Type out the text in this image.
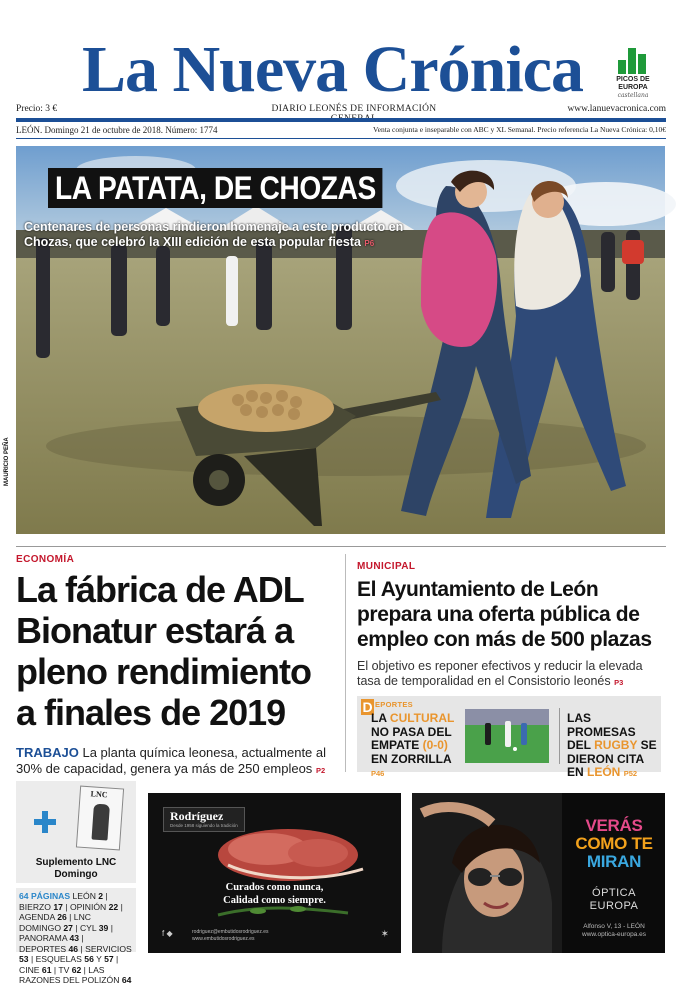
La Nueva Crónica	PICOS DE EUROPA
castellana
Precio: 3 €	DIARIO LEONÉS DE INFORMACIÓN	www.lanuevacronica.com
LEÓN. Domingo 21 de octubre de 2018. Número: 1774	Venta conjunta e inseparable con ABC y XL Semanal. Precio referencia La Nueva Crónica: 0,10€
LA PATATA, DE CHOZAS
Centenares de personas rindieron homenaje a este producto en Chozas, que celebró la XIII edición de esta popular fiesta P6
MAURICIO PEÑA
ECONOMÍA
La fábrica de ADL Bionatur estará a pleno rendimiento a finales de 2019
TRABAJO La planta química leonesa, actualmente al 30% de capacidad, genera ya más de 250 empleos P2
MUNICIPAL
El Ayuntamiento de León prepara una oferta pública de empleo con más de 500 plazas
El objetivo es reponer efectivos y reducir la elevada tasa de temporalidad en el Consistorio leonés P3
D EPORTES
LA CULTURAL
NO PASA DEL
EMPATE (0-0)
EN ZORRILLA P46
LAS PROMESAS
DEL RUGBY SE
DIERON CITA
EN LEÓN P52
LNC
Suplemento LNC Domingo
64 PÁGINAS LEÓN 2 | BIERZO 17 | OPINIÓN 22 | AGENDA 26 | LNC DOMINGO 27 | CYL 39 | PANORAMA 43 | DEPORTES 46 | SERVICIOS 53 | ESQUELAS 56 Y 57 | CINE 61 | TV 62 | LAS RAZONES DEL POLIZÓN 64
Rodríguez
Desde 1958 siguiendo la tradición
Curados como nunca,
Calidad como siempre.
f ◆	rodriguez@embutidosrodriguez.es
www.embutidosrodriguez.es	✶
VERÁS
COMO TE
MIRAN
ÓPTICA
EUROPA
Alfonso V, 13 - LEÓN
www.optica-europa.es
